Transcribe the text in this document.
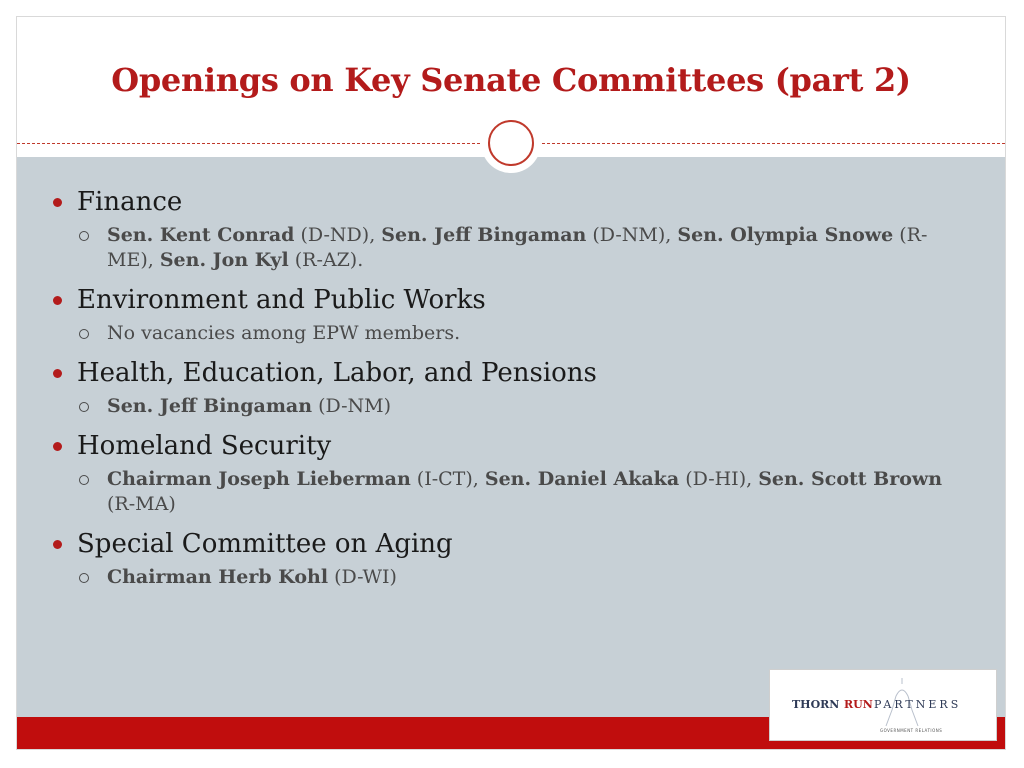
Openings on Key Senate Committees (part 2)
Finance
Sen. Kent Conrad (D-ND), Sen. Jeff Bingaman (D-NM), Sen. Olympia Snowe (R-ME), Sen. Jon Kyl (R-AZ).
Environment and Public Works
No vacancies among EPW members.
Health, Education, Labor, and Pensions
Sen. Jeff Bingaman (D-NM)
Homeland Security
Chairman Joseph Lieberman (I-CT), Sen. Daniel Akaka (D-HI), Sen. Scott Brown (R-MA)
Special Committee on Aging
Chairman Herb Kohl (D-WI)
THORN RUN PARTNERS
GOVERNMENT RELATIONS
